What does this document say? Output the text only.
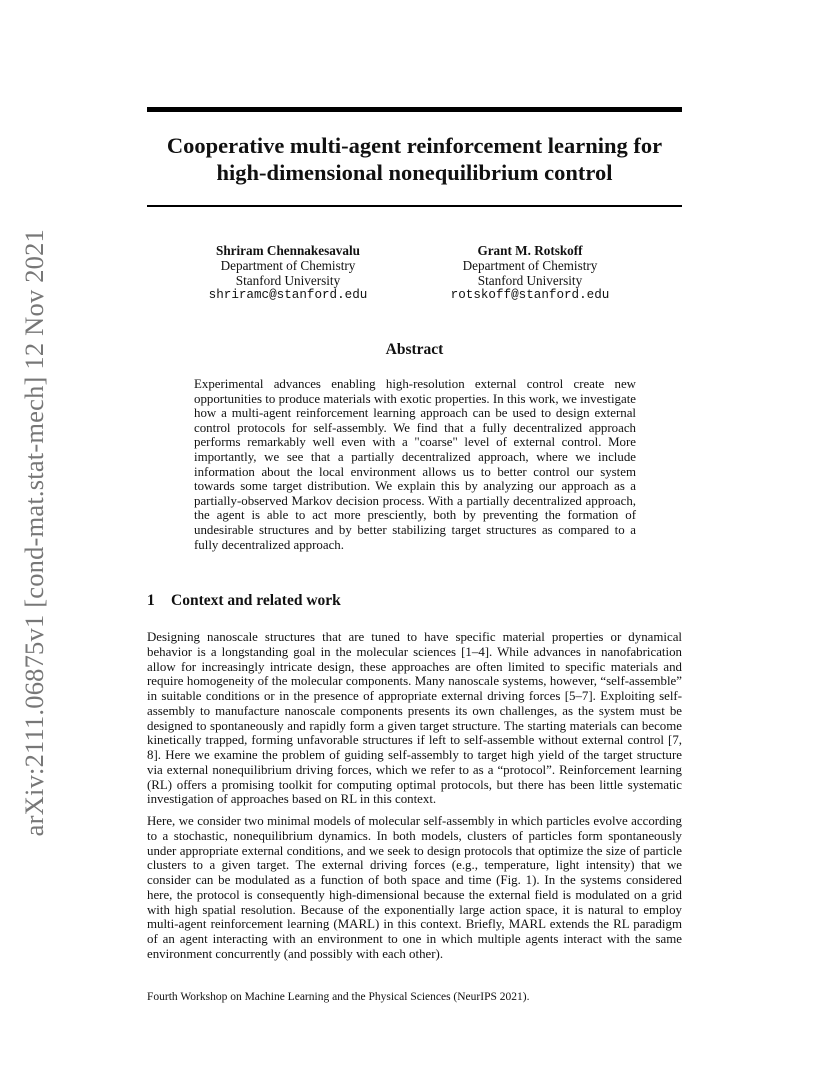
arXiv:2111.06875v1 [cond-mat.stat-mech] 12 Nov 2021
Cooperative multi-agent reinforcement learning for high-dimensional nonequilibrium control
Shriram Chennakesavalu
Department of Chemistry
Stanford University
shriramc@stanford.edu
Grant M. Rotskoff
Department of Chemistry
Stanford University
rotskoff@stanford.edu
Abstract

Experimental advances enabling high-resolution external control create new opportunities to produce materials with exotic properties. In this work, we investigate how a multi-agent reinforcement learning approach can be used to design external control protocols for self-assembly. We find that a fully decentralized approach performs remarkably well even with a "coarse" level of external control. More importantly, we see that a partially decentralized approach, where we include information about the local environment allows us to better control our system towards some target distribution. We explain this by analyzing our approach as a partially-observed Markov decision process. With a partially decentralized approach, the agent is able to act more presciently, both by preventing the formation of undesirable structures and by better stabilizing target structures as compared to a fully decentralized approach.

1 Context and related work

Designing nanoscale structures that are tuned to have specific material properties or dynamical behavior is a longstanding goal in the molecular sciences [1–4]. While advances in nanofabrication allow for increasingly intricate design, these approaches are often limited to specific materials and require homogeneity of the molecular components. Many nanoscale systems, however, “self-assemble” in suitable conditions or in the presence of appropriate external driving forces [5–7]. Exploiting self-assembly to manufacture nanoscale components presents its own challenges, as the system must be designed to spontaneously and rapidly form a given target structure. The starting materials can become kinetically trapped, forming unfavorable structures if left to self-assemble without external control [7, 8]. Here we examine the problem of guiding self-assembly to target high yield of the target structure via external nonequilibrium driving forces, which we refer to as a “protocol”. Reinforcement learning (RL) offers a promising toolkit for computing optimal protocols, but there has been little systematic investigation of approaches based on RL in this context.

Here, we consider two minimal models of molecular self-assembly in which particles evolve according to a stochastic, nonequilibrium dynamics. In both models, clusters of particles form spontaneously under appropriate external conditions, and we seek to design protocols that optimize the size of particle clusters to a given target. The external driving forces (e.g., temperature, light intensity) that we consider can be modulated as a function of both space and time (Fig. 1). In the systems considered here, the protocol is consequently high-dimensional because the external field is modulated on a grid with high spatial resolution. Because of the exponentially large action space, it is natural to employ multi-agent reinforcement learning (MARL) in this context. Briefly, MARL extends the RL paradigm of an agent interacting with an environment to one in which multiple agents interact with the same environment concurrently (and possibly with each other).

Fourth Workshop on Machine Learning and the Physical Sciences (NeurIPS 2021).
